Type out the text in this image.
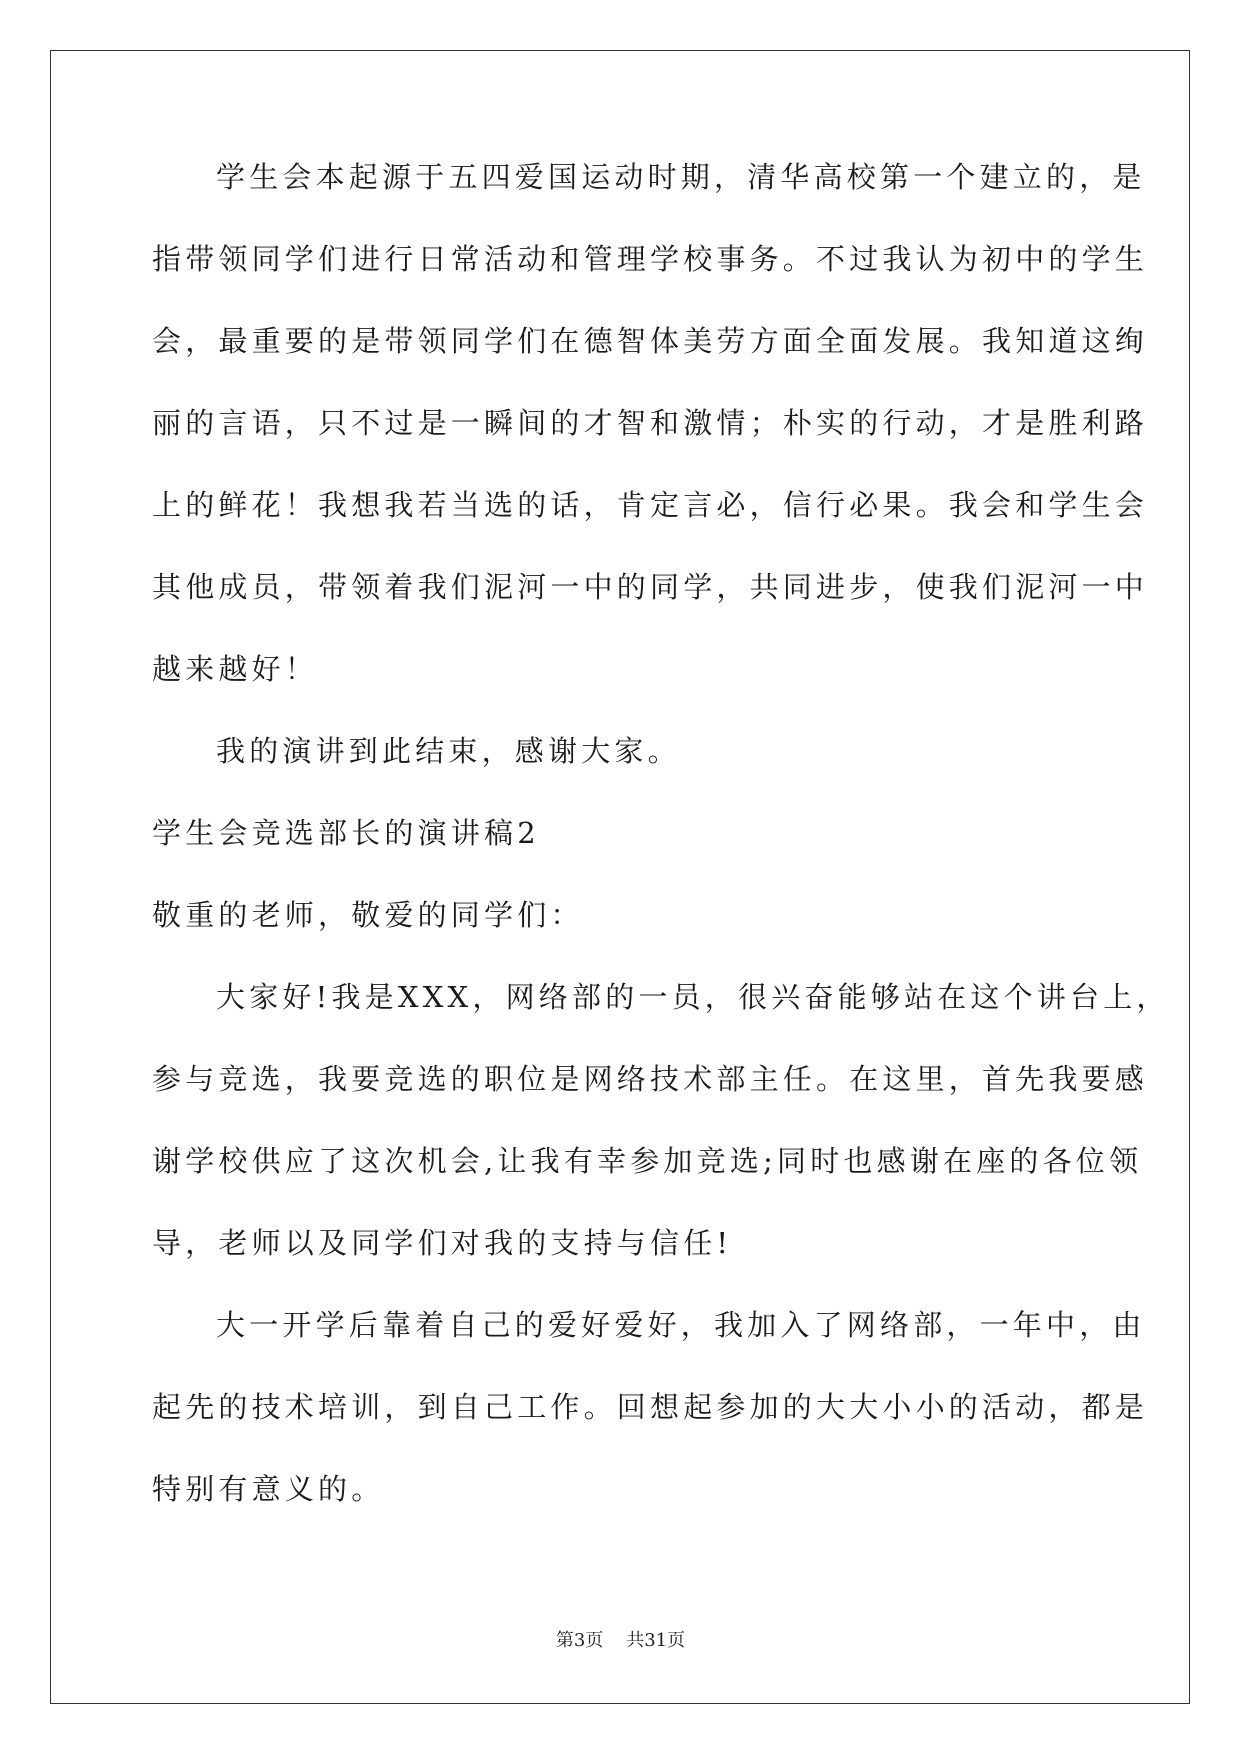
学生会本起源于五四爱国运动时期，清华高校第一个建立的，是
指带领同学们进行日常活动和管理学校事务。不过我认为初中的学生
会，最重要的是带领同学们在德智体美劳方面全面发展。我知道这绚
丽的言语，只不过是一瞬间的才智和激情；朴实的行动，才是胜利路
上的鲜花！我想我若当选的话，肯定言必，信行必果。我会和学生会
其他成员，带领着我们泥河一中的同学，共同进步，使我们泥河一中
越来越好！
我的演讲到此结束，感谢大家。
学生会竞选部长的演讲稿2
敬重的老师，敬爱的同学们：
大家好!我是XXX，网络部的一员，很兴奋能够站在这个讲台上，
参与竞选，我要竞选的职位是网络技术部主任。在这里，首先我要感
谢学校供应了这次机会,让我有幸参加竞选;同时也感谢在座的各位领
导，老师以及同学们对我的支持与信任!
大一开学后靠着自己的爱好爱好，我加入了网络部，一年中，由
起先的技术培训，到自己工作。回想起参加的大大小小的活动，都是
特别有意义的。
第3页    共31页
